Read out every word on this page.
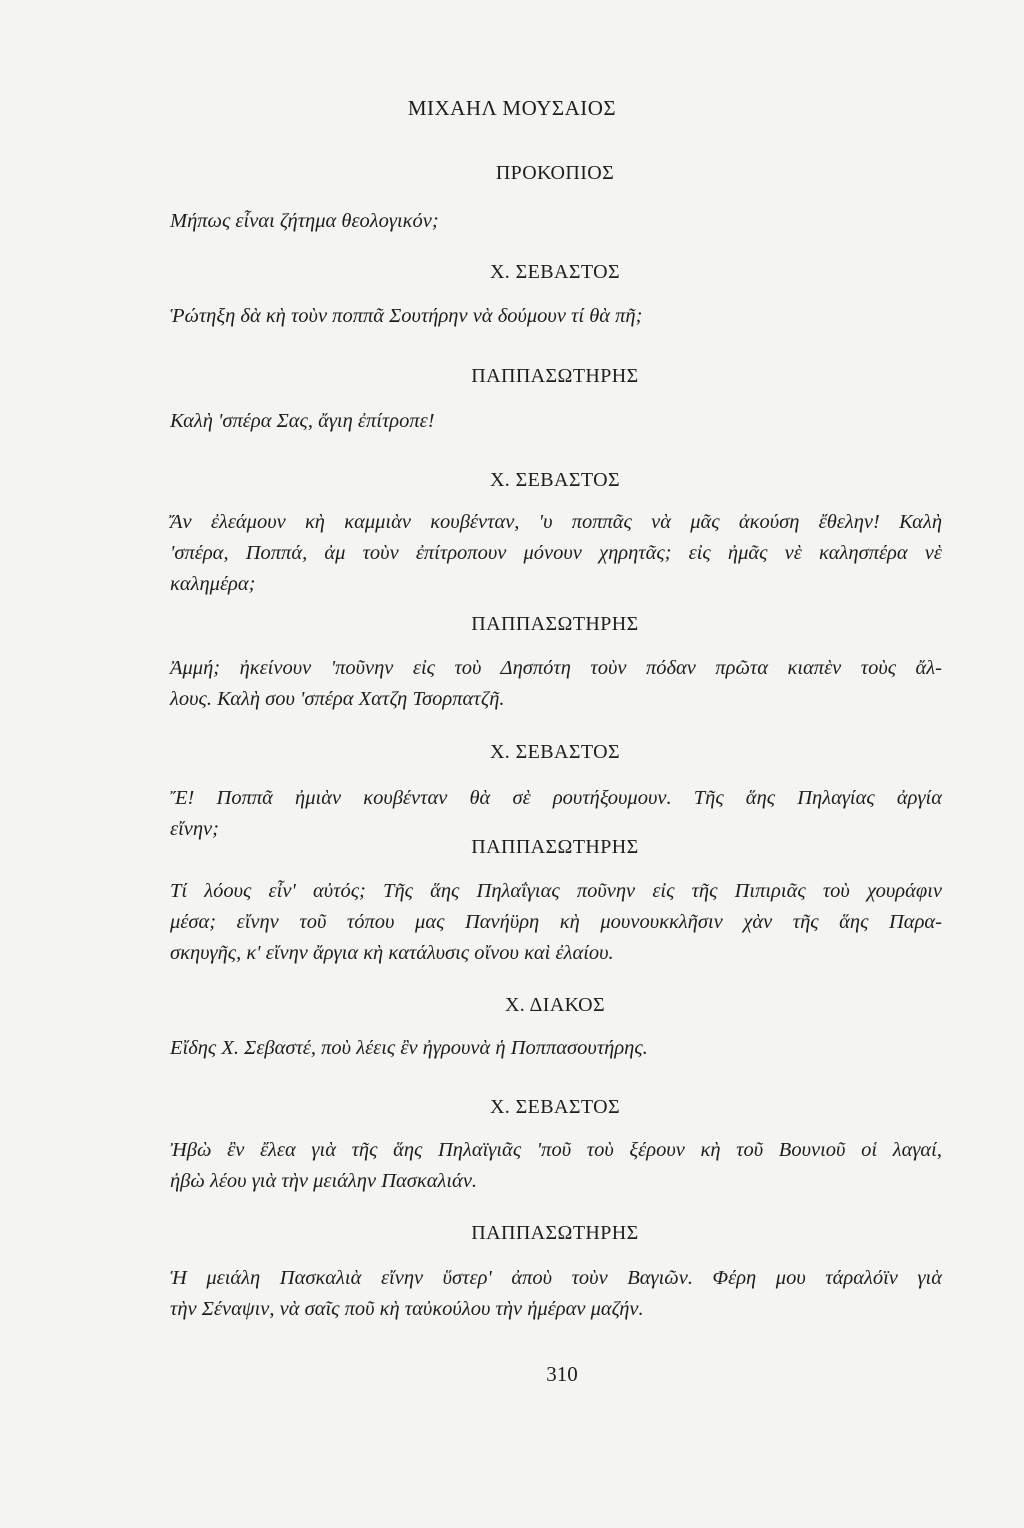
ΜΙΧΑΗΛ ΜΟΥΣΑΙΟΣ
ΠΡΟΚΟΠΙΟΣ
Μήπως εἶναι ζήτημα θεολογικόν;
Χ. ΣΕΒΑΣΤΟΣ
Ῥώτηξη δὰ κὴ τοὺν ποππᾶ Σουτήρην νὰ δούμουν τί θὰ πῆ;
ΠΑΠΠΑΣΩΤΗΡΗΣ
Καλὴ 'σπέρα Σας, ἄγιη ἐπίτροπε!
Χ. ΣΕΒΑΣΤΟΣ
Ἄν ἐλεάμουν κὴ καμμιὰν κουβένταν, 'υ ποππᾶς νὰ μᾶς ἀκούση ἔθελην! Καλὴ
'σπέρα, Ποππά, ἀμ τοὺν ἐπίτροπουν μόνουν χηρητᾶς; εἰς ἠμᾶς νὲ καλησπέρα νὲ
καλημέρα;
ΠΑΠΠΑΣΩΤΗΡΗΣ
Ἀμμή; ἠκείνουν 'ποῦνην εἰς τοὺ Δησπότη τοὺν πόδαν πρῶτα κιαπὲν τοὺς ἄλ-
λους. Καλὴ σου 'σπέρα Χατζη Τσορπατζῆ.
Χ. ΣΕΒΑΣΤΟΣ
Ἔ! Ποππᾶ ἠμιὰν κουβένταν θὰ σὲ ρουτήξουμουν. Τῆς ἅης Πηλαγίας ἀργία
εἴνην;
ΠΑΠΠΑΣΩΤΗΡΗΣ
Τί λόους εἶν' αὐτός; Τῆς ἅης Πηλαΐγιας ποῦνην εἰς τῆς Πιπιριᾶς τοὺ χουράφιν
μέσα; εἴνην τοῦ τόπου μας Πανήϋρη κὴ μουνουκκλῆσιν χὰν τῆς ἅης Παρα-
σκηυγῆς, κ' εἴνην ἄργια κὴ κατάλυσις οἴνου καὶ ἐλαίου.
Χ. ΔΙΑΚΟΣ
Εἴδης Χ. Σεβαστέ, ποὺ λέεις ἒν ἠγρουνὰ ἡ Ποππασουτήρης.
Χ. ΣΕΒΑΣΤΟΣ
Ἠβὼ ἒν ἔλεα γιὰ τῆς ἅης Πηλαϊγιᾶς 'ποῦ τοὺ ξέρουν κὴ τοῦ Βουνιοῦ οἱ λαγαί,
ἠβὼ λέου γιὰ τὴν μειάλην Πασκαλιάν.
ΠΑΠΠΑΣΩΤΗΡΗΣ
Ἡ μειάλη Πασκαλιὰ εἴνην ὕστερ' ἀποὺ τοὺν Βαγιῶν. Φέρη μου τάραλόϊν γιὰ
τὴν Σέναψιν, νὰ σαῖς ποῦ κὴ ταὐκούλου τὴν ἡμέραν μαζήν.
310
